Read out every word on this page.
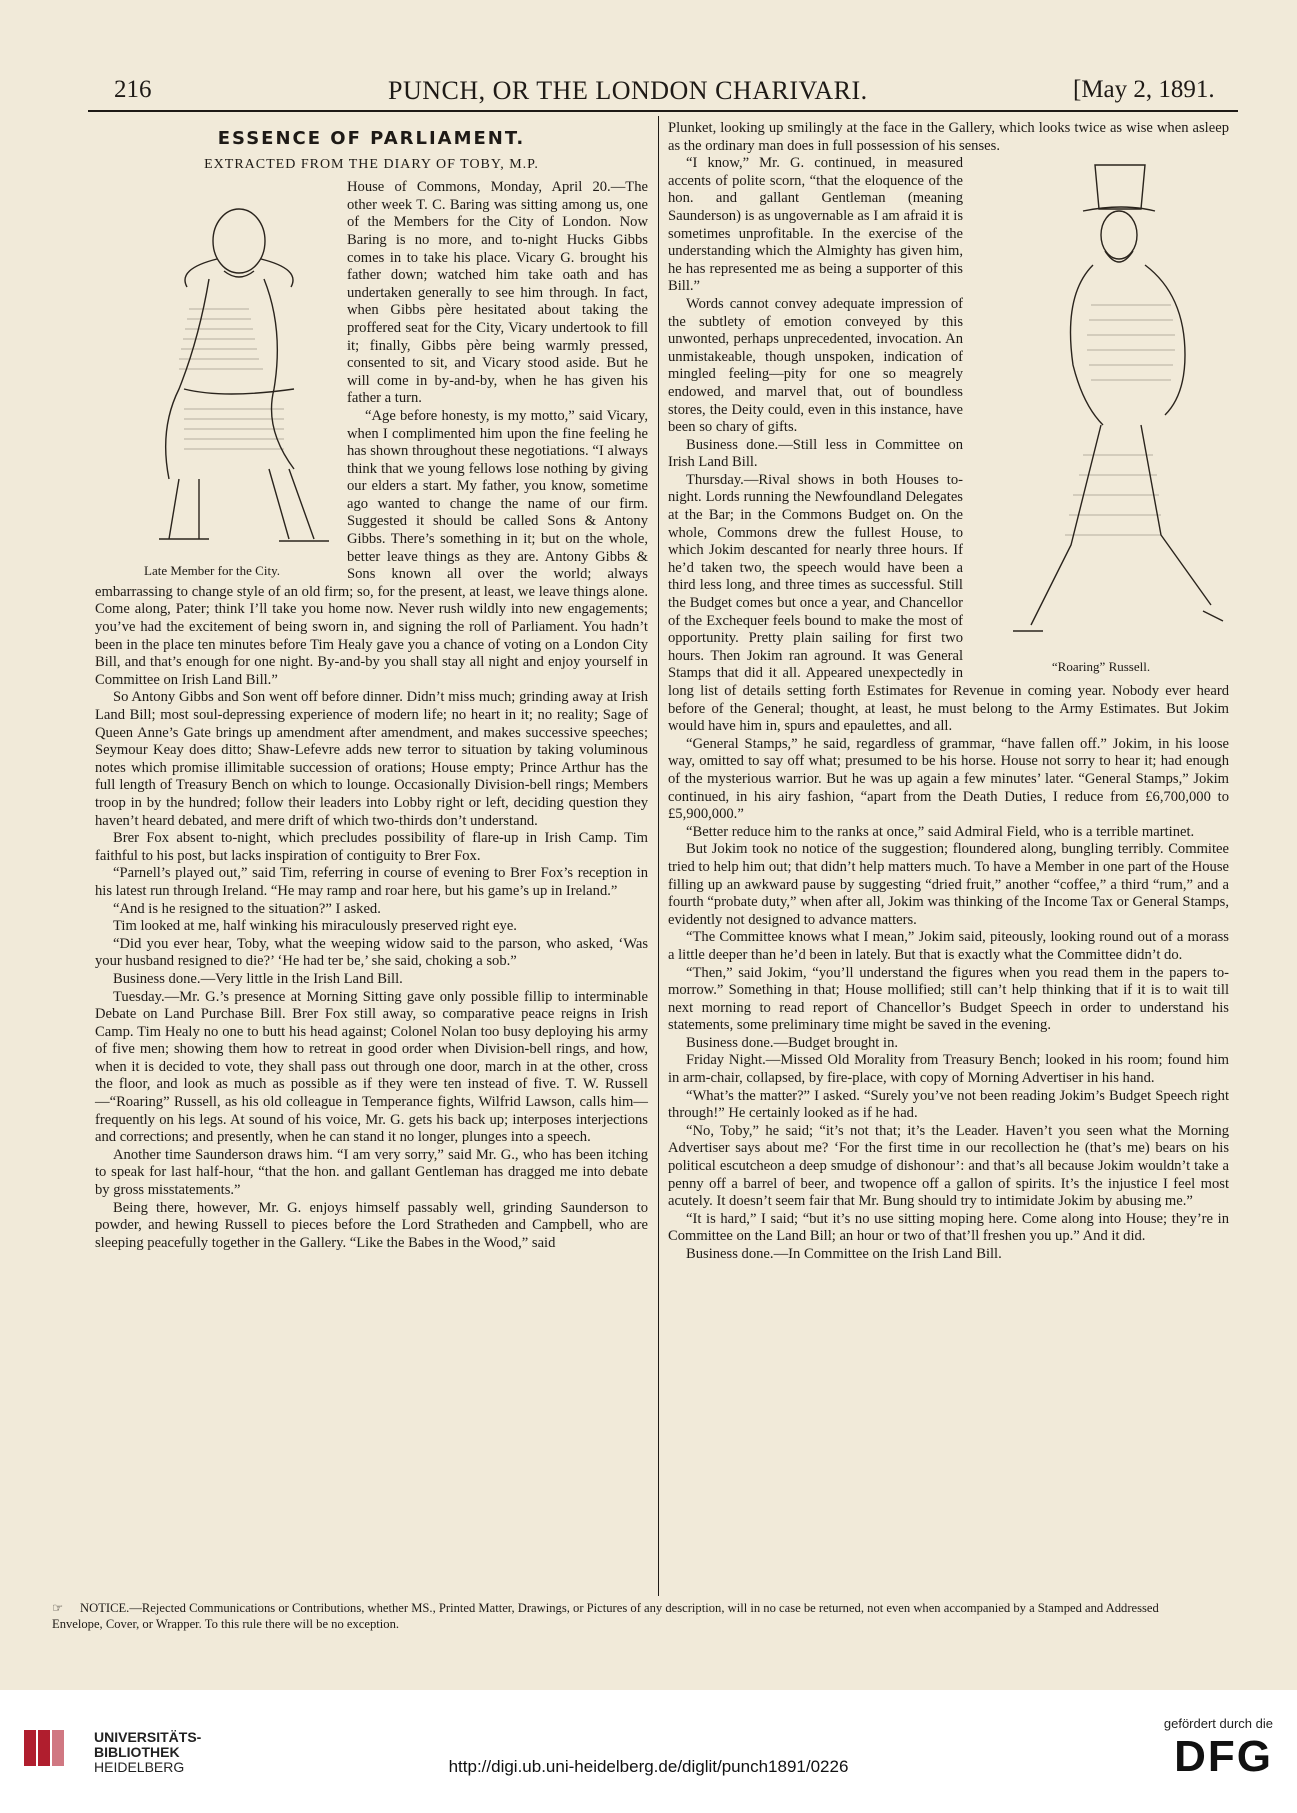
216	PUNCH, OR THE LONDON CHARIVARI.	[May 2, 1891.

ESSENCE OF PARLIAMENT.

EXTRACTED FROM THE DIARY OF TOBY, M.P.

Late Member for the City.

House of Commons, Monday, April 20.—The other week T. C. Baring was sitting among us, one of the Members for the City of London. Now Baring is no more, and to-night Hucks Gibbs comes in to take his place. Vicary G. brought his father down; watched him take oath and has undertaken generally to see him through. In fact, when Gibbs père hesitated about taking the proffered seat for the City, Vicary undertook to fill it; finally, Gibbs père being warmly pressed, consented to sit, and Vicary stood aside. But he will come in by-and-by, when he has given his father a turn.

“Age before honesty, is my motto,” said Vicary, when I complimented him upon the fine feeling he has shown throughout these negotiations. “I always think that we young fellows lose nothing by giving our elders a start. My father, you know, sometime ago wanted to change the name of our firm. Suggested it should be called Sons & Antony Gibbs. There’s something in it; but on the whole, better leave things as they are. Antony Gibbs & Sons known all over the world; always embarrassing to change style of an old firm; so, for the present, at least, we leave things alone. Come along, Pater; think I’ll take you home now. Never rush wildly into new engagements; you’ve had the excitement of being sworn in, and signing the roll of Parliament. You hadn’t been in the place ten minutes before Tim Healy gave you a chance of voting on a London City Bill, and that’s enough for one night. By-and-by you shall stay all night and enjoy yourself in Committee on Irish Land Bill.”

So Antony Gibbs and Son went off before dinner. Didn’t miss much; grinding away at Irish Land Bill; most soul-depressing experience of modern life; no heart in it; no reality; Sage of Queen Anne’s Gate brings up amendment after amendment, and makes successive speeches; Seymour Keay does ditto; Shaw-Lefevre adds new terror to situation by taking voluminous notes which promise illimitable succession of orations; House empty; Prince Arthur has the full length of Treasury Bench on which to lounge. Occasionally Division-bell rings; Members troop in by the hundred; follow their leaders into Lobby right or left, deciding question they haven’t heard debated, and mere drift of which two-thirds don’t understand.

Brer Fox absent to-night, which precludes possibility of flare-up in Irish Camp. Tim faithful to his post, but lacks inspiration of contiguity to Brer Fox.

“Parnell’s played out,” said Tim, referring in course of evening to Brer Fox’s reception in his latest run through Ireland. “He may ramp and roar here, but his game’s up in Ireland.”

“And is he resigned to the situation?” I asked.

Tim looked at me, half winking his miraculously preserved right eye.

“Did you ever hear, Toby, what the weeping widow said to the parson, who asked, ‘Was your husband resigned to die?’ ‘He had ter be,’ she said, choking a sob.”

Business done.—Very little in the Irish Land Bill.

Tuesday.—Mr. G.’s presence at Morning Sitting gave only possible fillip to interminable Debate on Land Purchase Bill. Brer Fox still away, so comparative peace reigns in Irish Camp. Tim Healy no one to butt his head against; Colonel Nolan too busy deploying his army of five men; showing them how to retreat in good order when Division-bell rings, and how, when it is decided to vote, they shall pass out through one door, march in at the other, cross the floor, and look as much as possible as if they were ten instead of five. T. W. Russell—“Roaring” Russell, as his old colleague in Temperance fights, Wilfrid Lawson, calls him—frequently on his legs. At sound of his voice, Mr. G. gets his back up; interposes interjections and corrections; and presently, when he can stand it no longer, plunges into a speech.

Another time Saunderson draws him. “I am very sorry,” said Mr. G., who has been itching to speak for last half-hour, “that the hon. and gallant Gentleman has dragged me into debate by gross misstatements.”

Being there, however, Mr. G. enjoys himself passably well, grinding Saunderson to powder, and hewing Russell to pieces before the Lord Stratheden and Campbell, who are sleeping peacefully together in the Gallery. “Like the Babes in the Wood,” said

Plunket, looking up smilingly at the face in the Gallery, which looks twice as wise when asleep as the ordinary man does in full possession of his senses.

“Roaring” Russell.

“I know,” Mr. G. continued, in measured accents of polite scorn, “that the eloquence of the hon. and gallant Gentleman (meaning Saunderson) is as ungovernable as I am afraid it is sometimes unprofitable. In the exercise of the understanding which the Almighty has given him, he has represented me as being a supporter of this Bill.”

Words cannot convey adequate impression of the subtlety of emotion conveyed by this unwonted, perhaps unprecedented, invocation. An unmistakeable, though unspoken, indication of mingled feeling—pity for one so meagrely endowed, and marvel that, out of boundless stores, the Deity could, even in this instance, have been so chary of gifts.

Business done.—Still less in Committee on Irish Land Bill.

Thursday.—Rival shows in both Houses to-night. Lords running the Newfoundland Delegates at the Bar; in the Commons Budget on. On the whole, Commons drew the fullest House, to which Jokim descanted for nearly three hours. If he’d taken two, the speech would have been a third less long, and three times as successful. Still the Budget comes but once a year, and Chancellor of the Exchequer feels bound to make the most of opportunity. Pretty plain sailing for first two hours. Then Jokim ran aground. It was General Stamps that did it all. Appeared unexpectedly in long list of details setting forth Estimates for Revenue in coming year. Nobody ever heard before of the General; thought, at least, he must belong to the Army Estimates. But Jokim would have him in, spurs and epaulettes, and all.

“General Stamps,” he said, regardless of grammar, “have fallen off.” Jokim, in his loose way, omitted to say off what; presumed to be his horse. House not sorry to hear it; had enough of the mysterious warrior. But he was up again a few minutes’ later. “General Stamps,” Jokim continued, in his airy fashion, “apart from the Death Duties, I reduce from £6,700,000 to £5,900,000.”

“Better reduce him to the ranks at once,” said Admiral Field, who is a terrible martinet.

But Jokim took no notice of the suggestion; floundered along, bungling terribly. Commitee tried to help him out; that didn’t help matters much. To have a Member in one part of the House filling up an awkward pause by suggesting “dried fruit,” another “coffee,” a third “rum,” and a fourth “probate duty,” when after all, Jokim was thinking of the Income Tax or General Stamps, evidently not designed to advance matters.

“The Committee knows what I mean,” Jokim said, piteously, looking round out of a morass a little deeper than he’d been in lately. But that is exactly what the Committee didn’t do.

“Then,” said Jokim, “you’ll understand the figures when you read them in the papers to-morrow.” Something in that; House mollified; still can’t help thinking that if it is to wait till next morning to read report of Chancellor’s Budget Speech in order to understand his statements, some preliminary time might be saved in the evening.

Business done.—Budget brought in.

Friday Night.—Missed Old Morality from Treasury Bench; looked in his room; found him in arm-chair, collapsed, by fire-place, with copy of Morning Advertiser in his hand.

“What’s the matter?” I asked. “Surely you’ve not been reading Jokim’s Budget Speech right through!” He certainly looked as if he had.

“No, Toby,” he said; “it’s not that; it’s the Leader. Haven’t you seen what the Morning Advertiser says about me? ‘For the first time in our recollection he (that’s me) bears on his political escutcheon a deep smudge of dishonour’: and that’s all because Jokim wouldn’t take a penny off a barrel of beer, and twopence off a gallon of spirits. It’s the injustice I feel most acutely. It doesn’t seem fair that Mr. Bung should try to intimidate Jokim by abusing me.”

“It is hard,” I said; “but it’s no use sitting moping here. Come along into House; they’re in Committee on the Land Bill; an hour or two of that’ll freshen you up.” And it did.

Business done.—In Committee on the Irish Land Bill.

☞ NOTICE.—Rejected Communications or Contributions, whether MS., Printed Matter, Drawings, or Pictures of any description, will in no case be returned, not even when accompanied by a Stamped and Addressed Envelope, Cover, or Wrapper. To this rule there will be no exception.
UNIVERSITÄTS-
BIBLIOTHEK
HEIDELBERG	http://digi.ub.uni-heidelberg.de/diglit/punch1891/0226
gefördert durch die
DFG
